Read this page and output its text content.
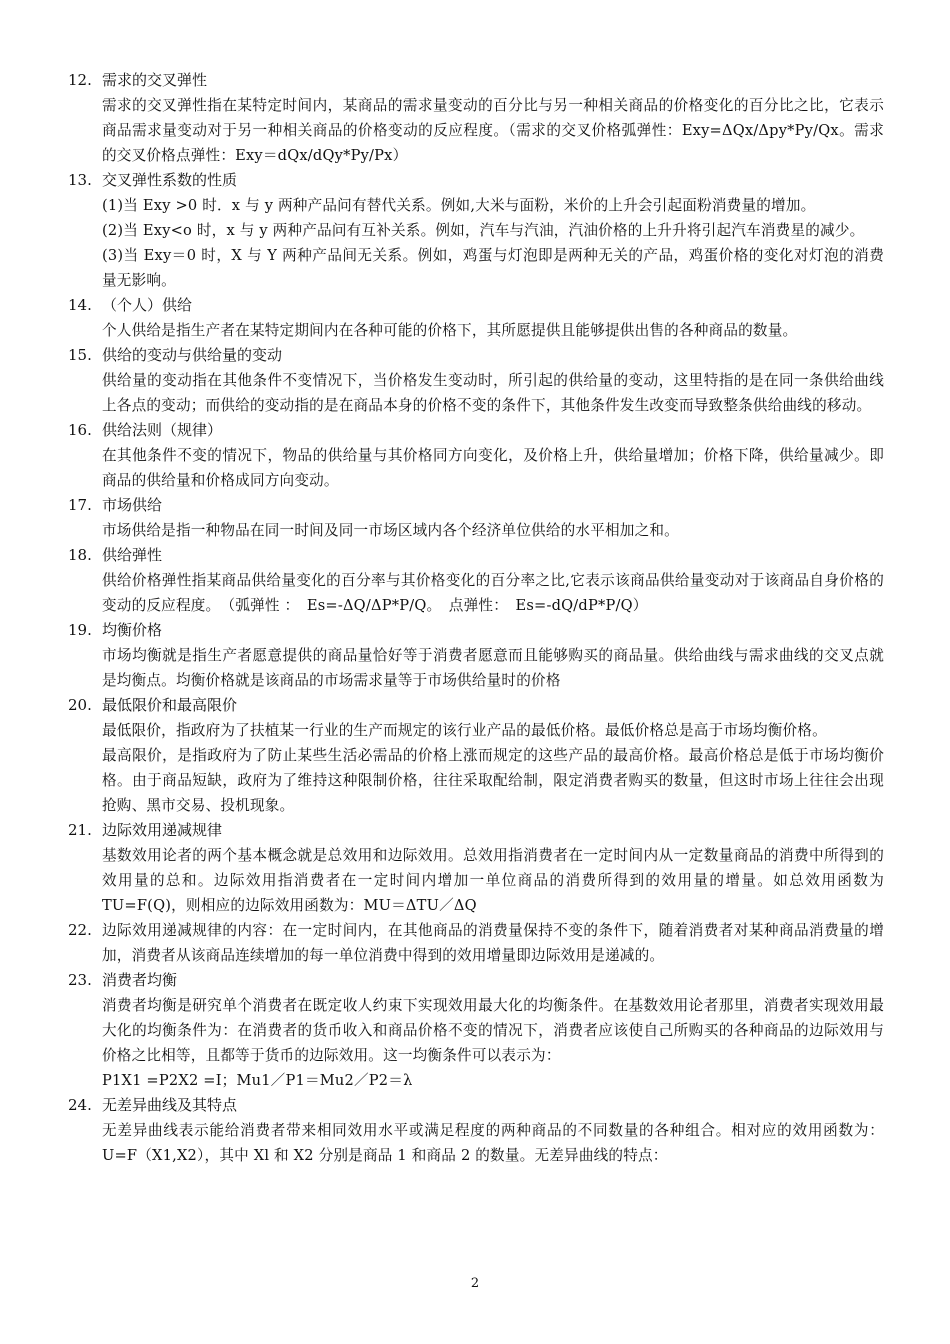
12. 需求的交叉弹性
需求的交叉弹性指在某特定时间内，某商品的需求量变动的百分比与另一种相关商品的价格变化的百分比之比，它表示商品需求量变动对于另一种相关商品的价格变动的反应程度。（需求的交叉价格弧弹性：Exy=ΔQx/Δpy*Py/Qx。需求的交叉价格点弹性：Exy＝dQx/dQy*Py/Px）
13. 交叉弹性系数的性质
(1)当 Exy >0 时．x 与 y 两种产品问有替代关系。例如,大米与面粉，米价的上升会引起面粉消费量的增加。
(2)当 Exy<o 时，x 与 y 两种产品问有互补关系。例如，汽车与汽油，汽油价格的上升升将引起汽车消费星的减少。
(3)当 Exy＝0 时，X 与 Y 两种产品间无关系。例如，鸡蛋与灯泡即是两种无关的产品，鸡蛋价格的变化对灯泡的消费量无影响。
14. （个人）供给
个人供给是指生产者在某特定期间内在各种可能的价格下，其所愿提供且能够提供出售的各种商品的数量。
15. 供给的变动与供给量的变动
供给量的变动指在其他条件不变情况下，当价格发生变动时，所引起的供给量的变动，这里特指的是在同一条供给曲线上各点的变动；而供给的变动指的是在商品本身的价格不变的条件下，其他条件发生改变而导致整条供给曲线的移动。
16. 供给法则（规律）
在其他条件不变的情况下，物品的供给量与其价格同方向变化，及价格上升，供给量增加；价格下降，供给量减少。即商品的供给量和价格成同方向变动。
17. 市场供给
市场供给是指一种物品在同一时间及同一市场区域内各个经济单位供给的水平相加之和。
18. 供给弹性
供给价格弹性指某商品供给量变化的百分率与其价格变化的百分率之比,它表示该商品供给量变动对于该商品自身价格的变动的反应程度。　（弧弹性 ：　Es=-ΔQ/ΔP*P/Q。　点弹性：　Es=-dQ/dP*P/Q）
19. 均衡价格
市场均衡就是指生产者愿意提供的商品量恰好等于消费者愿意而且能够购买的商品量。供给曲线与需求曲线的交叉点就是均衡点。均衡价格就是该商品的市场需求量等于市场供给量时的价格
20. 最低限价和最高限价
最低限价，指政府为了扶植某一行业的生产而规定的该行业产品的最低价格。最低价格总是高于市场均衡价格。
最高限价，是指政府为了防止某些生活必需品的价格上涨而规定的这些产品的最高价格。最高价格总是低于市场均衡价格。由于商品短缺，政府为了维持这种限制价格，往往采取配给制，限定消费者购买的数量，但这时市场上往往会出现抢购、黑市交易、投机现象。
21. 边际效用递减规律
基数效用论者的两个基本概念就是总效用和边际效用。总效用指消费者在一定时间内从一定数量商品的消费中所得到的效用量的总和。边际效用指消费者在一定时间内增加一单位商品的消费所得到的效用量的增量。如总效用函数为 TU=F(Q)，则相应的边际效用函数为：MU＝ΔTU／ΔQ
22. 边际效用递减规律的内容：在一定时间内，在其他商品的消费量保持不变的条件下，随着消费者对某种商品消费量的增加，消费者从该商品连续增加的每一单位消费中得到的效用增量即边际效用是递减的。
23. 消费者均衡
消费者均衡是研究单个消费者在既定收人约束下实现效用最大化的均衡条件。在基数效用论者那里，消费者实现效用最大化的均衡条件为：在消费者的货币收入和商品价格不变的情况下，消费者应该使自己所购买的各种商品的边际效用与价格之比相等，且都等于货币的边际效用。这一均衡条件可以表示为：
P1X1 =P2X2 =I；Mu1／P1＝Mu2／P2＝λ
24. 无差异曲线及其特点
无差异曲线表示能给消费者带来相同效用水平或满足程度的两种商品的不同数量的各种组合。相对应的效用函数为：U=F（X1,X2），其中 Xl 和 X2 分别是商品 1 和商品 2 的数量。无差异曲线的特点：
2
